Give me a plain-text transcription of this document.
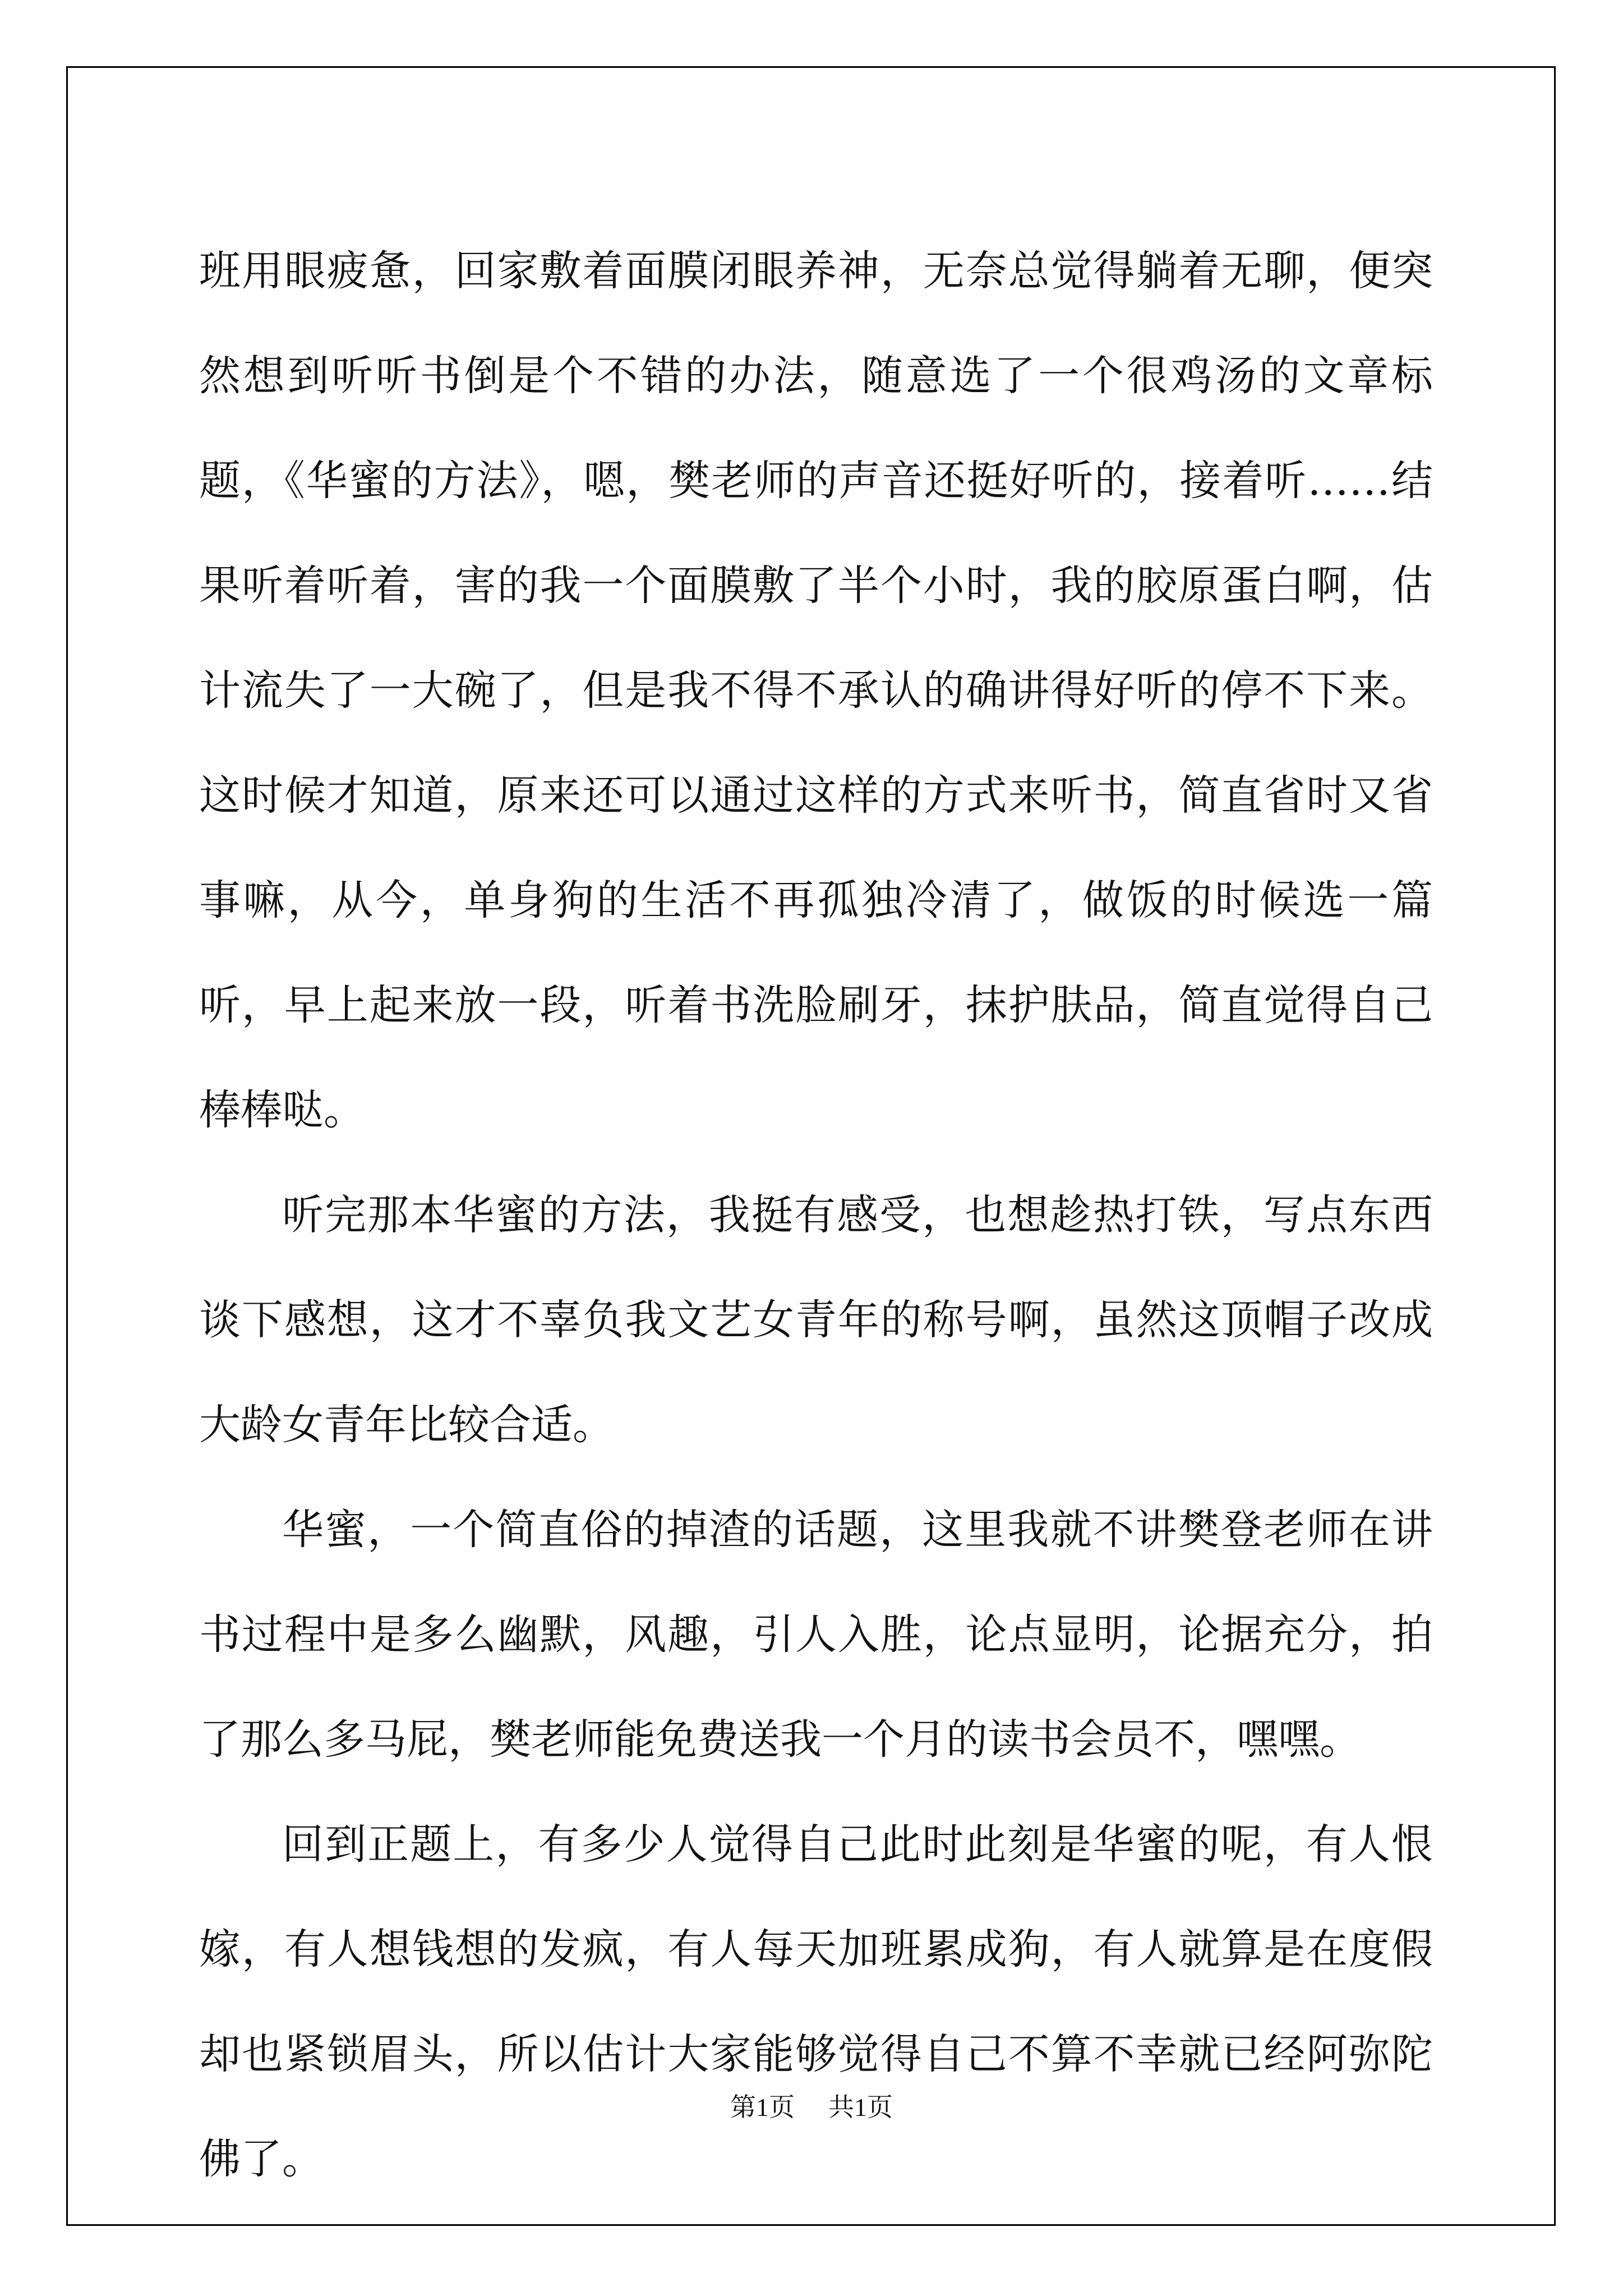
班用眼疲惫，回家敷着面膜闭眼养神，无奈总觉得躺着无聊，便突然想到听听书倒是个不错的办法，随意选了一个很鸡汤的文章标题，《华蜜的方法》，嗯，樊老师的声音还挺好听的，接着听……结果听着听着，害的我一个面膜敷了半个小时，我的胶原蛋白啊，估计流失了一大碗了，但是我不得不承认的确讲得好听的停不下来。这时候才知道，原来还可以通过这样的方式来听书，简直省时又省事嘛，从今，单身狗的生活不再孤独冷清了，做饭的时候选一篇听，早上起来放一段，听着书洗脸刷牙，抹护肤品，简直觉得自己棒棒哒。

听完那本华蜜的方法，我挺有感受，也想趁热打铁，写点东西谈下感想，这才不辜负我文艺女青年的称号啊，虽然这顶帽子改成大龄女青年比较合适。

华蜜，一个简直俗的掉渣的话题，这里我就不讲樊登老师在讲书过程中是多么幽默，风趣，引人入胜，论点显明，论据充分，拍了那么多马屁，樊老师能免费送我一个月的读书会员不，嘿嘿。

回到正题上，有多少人觉得自己此时此刻是华蜜的呢，有人恨嫁，有人想钱想的发疯，有人每天加班累成狗，有人就算是在度假却也紧锁眉头，所以估计大家能够觉得自己不算不幸就已经阿弥陀佛了。

第1页 共1页
